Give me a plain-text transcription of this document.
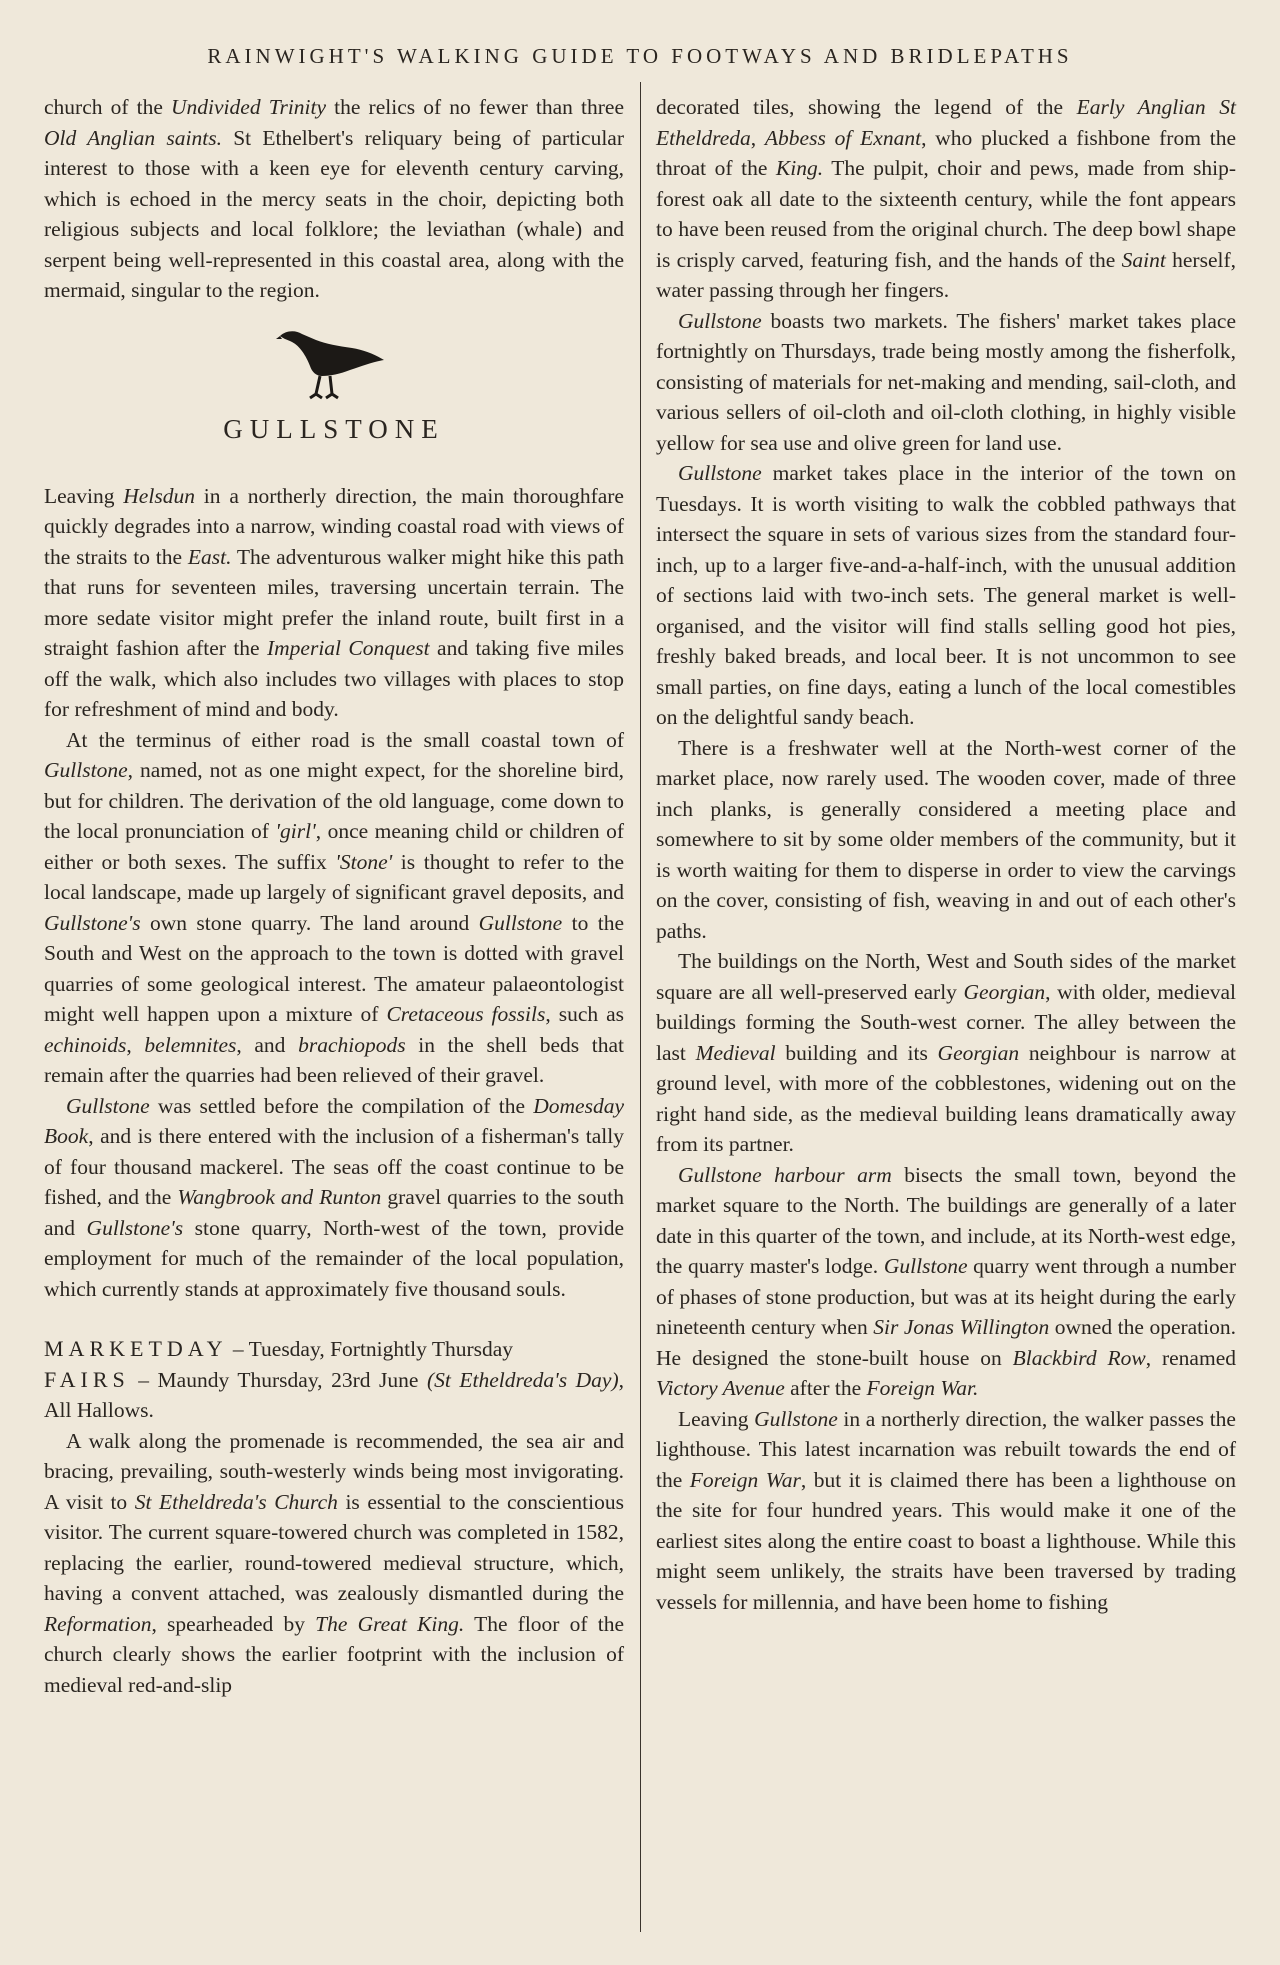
RAINWIGHT'S WALKING GUIDE TO FOOTWAYS AND BRIDLEPATHS

church of the Undivided Trinity the relics of no fewer than three Old Anglian saints. St Ethelbert's reliquary being of particular interest to those with a keen eye for eleventh century carving, which is echoed in the mercy seats in the choir, depicting both religious subjects and local folklore; the leviathan (whale) and serpent being well-represented in this coastal area, along with the mermaid, singular to the region.

GULLSTONE

Leaving Helsdun in a northerly direction, the main thoroughfare quickly degrades into a narrow, winding coastal road with views of the straits to the East. The adventurous walker might hike this path that runs for seventeen miles, traversing uncertain terrain. The more sedate visitor might prefer the inland route, built first in a straight fashion after the Imperial Conquest and taking five miles off the walk, which also includes two villages with places to stop for refreshment of mind and body.

At the terminus of either road is the small coastal town of Gullstone, named, not as one might expect, for the shoreline bird, but for children. The derivation of the old language, come down to the local pronunciation of 'girl', once meaning child or children of either or both sexes. The suffix 'Stone' is thought to refer to the local landscape, made up largely of significant gravel deposits, and Gullstone's own stone quarry. The land around Gullstone to the South and West on the approach to the town is dotted with gravel quarries of some geological interest. The amateur palaeontologist might well happen upon a mixture of Cretaceous fossils, such as echinoids, belemnites, and brachiopods in the shell beds that remain after the quarries had been relieved of their gravel.

Gullstone was settled before the compilation of the Domesday Book, and is there entered with the inclusion of a fisherman's tally of four thousand mackerel. The seas off the coast continue to be fished, and the Wangbrook and Runton gravel quarries to the south and Gullstone's stone quarry, North-west of the town, provide employment for much of the remainder of the local population, which currently stands at approximately five thousand souls.

MARKETDAY – Tuesday, Fortnightly Thursday

FAIRS – Maundy Thursday, 23rd June (St Etheldreda's Day), All Hallows.

A walk along the promenade is recommended, the sea air and bracing, prevailing, south-westerly winds being most invigorating. A visit to St Etheldreda's Church is essential to the conscientious visitor. The current square-towered church was completed in 1582, replacing the earlier, round-towered medieval structure, which, having a convent attached, was zealously dismantled during the Reformation, spearheaded by The Great King. The floor of the church clearly shows the earlier footprint with the inclusion of medieval red-and-slip

decorated tiles, showing the legend of the Early Anglian St Etheldreda, Abbess of Exnant, who plucked a fishbone from the throat of the King. The pulpit, choir and pews, made from ship-forest oak all date to the sixteenth century, while the font appears to have been reused from the original church. The deep bowl shape is crisply carved, featuring fish, and the hands of the Saint herself, water passing through her fingers.

Gullstone boasts two markets. The fishers' market takes place fortnightly on Thursdays, trade being mostly among the fisherfolk, consisting of materials for net-making and mending, sail-cloth, and various sellers of oil-cloth and oil-cloth clothing, in highly visible yellow for sea use and olive green for land use.

Gullstone market takes place in the interior of the town on Tuesdays. It is worth visiting to walk the cobbled pathways that intersect the square in sets of various sizes from the standard four-inch, up to a larger five-and-a-half-inch, with the unusual addition of sections laid with two-inch sets. The general market is well-organised, and the visitor will find stalls selling good hot pies, freshly baked breads, and local beer. It is not uncommon to see small parties, on fine days, eating a lunch of the local comestibles on the delightful sandy beach.

There is a freshwater well at the North-west corner of the market place, now rarely used. The wooden cover, made of three inch planks, is generally considered a meeting place and somewhere to sit by some older members of the community, but it is worth waiting for them to disperse in order to view the carvings on the cover, consisting of fish, weaving in and out of each other's paths.

The buildings on the North, West and South sides of the market square are all well-preserved early Georgian, with older, medieval buildings forming the South-west corner. The alley between the last Medieval building and its Georgian neighbour is narrow at ground level, with more of the cobblestones, widening out on the right hand side, as the medieval building leans dramatically away from its partner.

Gullstone harbour arm bisects the small town, beyond the market square to the North. The buildings are generally of a later date in this quarter of the town, and include, at its North-west edge, the quarry master's lodge. Gullstone quarry went through a number of phases of stone production, but was at its height during the early nineteenth century when Sir Jonas Willington owned the operation. He designed the stone-built house on Blackbird Row, renamed Victory Avenue after the Foreign War.

Leaving Gullstone in a northerly direction, the walker passes the lighthouse. This latest incarnation was rebuilt towards the end of the Foreign War, but it is claimed there has been a lighthouse on the site for four hundred years. This would make it one of the earliest sites along the entire coast to boast a lighthouse. While this might seem unlikely, the straits have been traversed by trading vessels for millennia, and have been home to fishing
